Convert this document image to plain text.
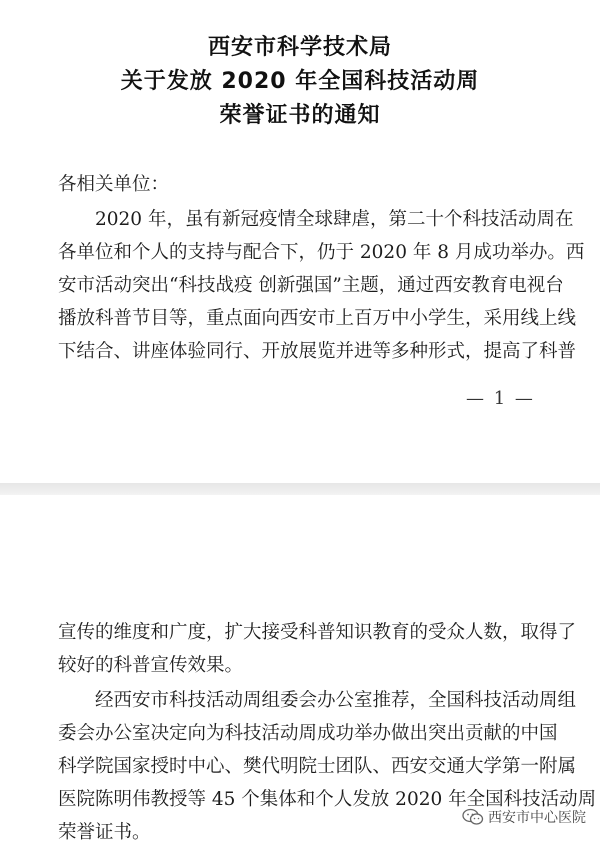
西安市科学技术局
关于发放 2020 年全国科技活动周
荣誉证书的通知
各相关单位：
　　2020 年，虽有新冠疫情全球肆虐，第二十个科技活动周在
各单位和个人的支持与配合下，仍于 2020 年 8 月成功举办。西
安市活动突出“科技战疫 创新强国”主题，通过西安教育电视台
播放科普节目等，重点面向西安市上百万中小学生，采用线上线
下结合、讲座体验同行、开放展览并进等多种形式，提高了科普
— 1 —
宣传的维度和广度，扩大接受科普知识教育的受众人数，取得了
较好的科普宣传效果。
　　经西安市科技活动周组委会办公室推荐，全国科技活动周组
委会办公室决定向为科技活动周成功举办做出突出贡献的中国
科学院国家授时中心、樊代明院士团队、西安交通大学第一附属
医院陈明伟教授等 45 个集体和个人发放 2020 年全国科技活动周
荣誉证书。
西安市中心医院
